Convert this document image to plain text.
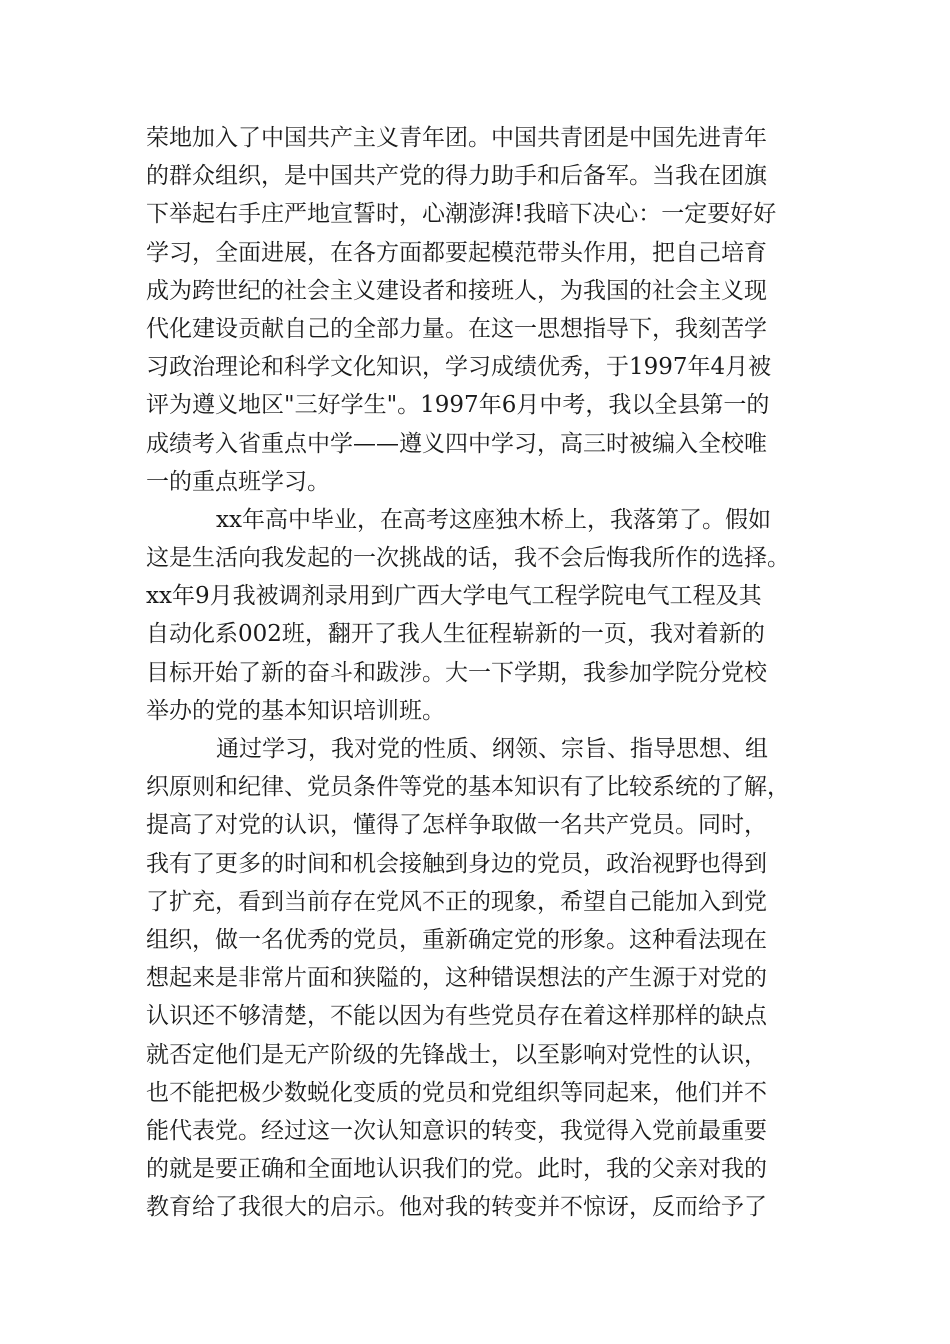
荣地加入了中国共产主义青年团。中国共青团是中国先进青年
的群众组织，是中国共产党的得力助手和后备军。当我在团旗
下举起右手庄严地宣誓时，心潮澎湃!我暗下决心：一定要好好
学习，全面进展，在各方面都要起模范带头作用，把自己培育
成为跨世纪的社会主义建设者和接班人，为我国的社会主义现
代化建设贡献自己的全部力量。在这一思想指导下，我刻苦学
习政治理论和科学文化知识，学习成绩优秀，于1997年4月被
评为遵义地区"三好学生"。1997年6月中考，我以全县第一的
成绩考入省重点中学——遵义四中学习，高三时被编入全校唯
一的重点班学习。
xx年高中毕业，在高考这座独木桥上，我落第了。假如
这是生活向我发起的一次挑战的话，我不会后悔我所作的选择。
xx年9月我被调剂录用到广西大学电气工程学院电气工程及其
自动化系002班，翻开了我人生征程崭新的一页，我对着新的
目标开始了新的奋斗和跋涉。大一下学期，我参加学院分党校
举办的党的基本知识培训班。
通过学习，我对党的性质、纲领、宗旨、指导思想、组
织原则和纪律、党员条件等党的基本知识有了比较系统的了解，
提高了对党的认识，懂得了怎样争取做一名共产党员。同时，
我有了更多的时间和机会接触到身边的党员，政治视野也得到
了扩充，看到当前存在党风不正的现象，希望自己能加入到党
组织，做一名优秀的党员，重新确定党的形象。这种看法现在
想起来是非常片面和狭隘的，这种错误想法的产生源于对党的
认识还不够清楚，不能以因为有些党员存在着这样那样的缺点
就否定他们是无产阶级的先锋战士，以至影响对党性的认识，
也不能把极少数蜕化变质的党员和党组织等同起来，他们并不
能代表党。经过这一次认知意识的转变，我觉得入党前最重要
的就是要正确和全面地认识我们的党。此时，我的父亲对我的
教育给了我很大的启示。他对我的转变并不惊讶，反而给予了
